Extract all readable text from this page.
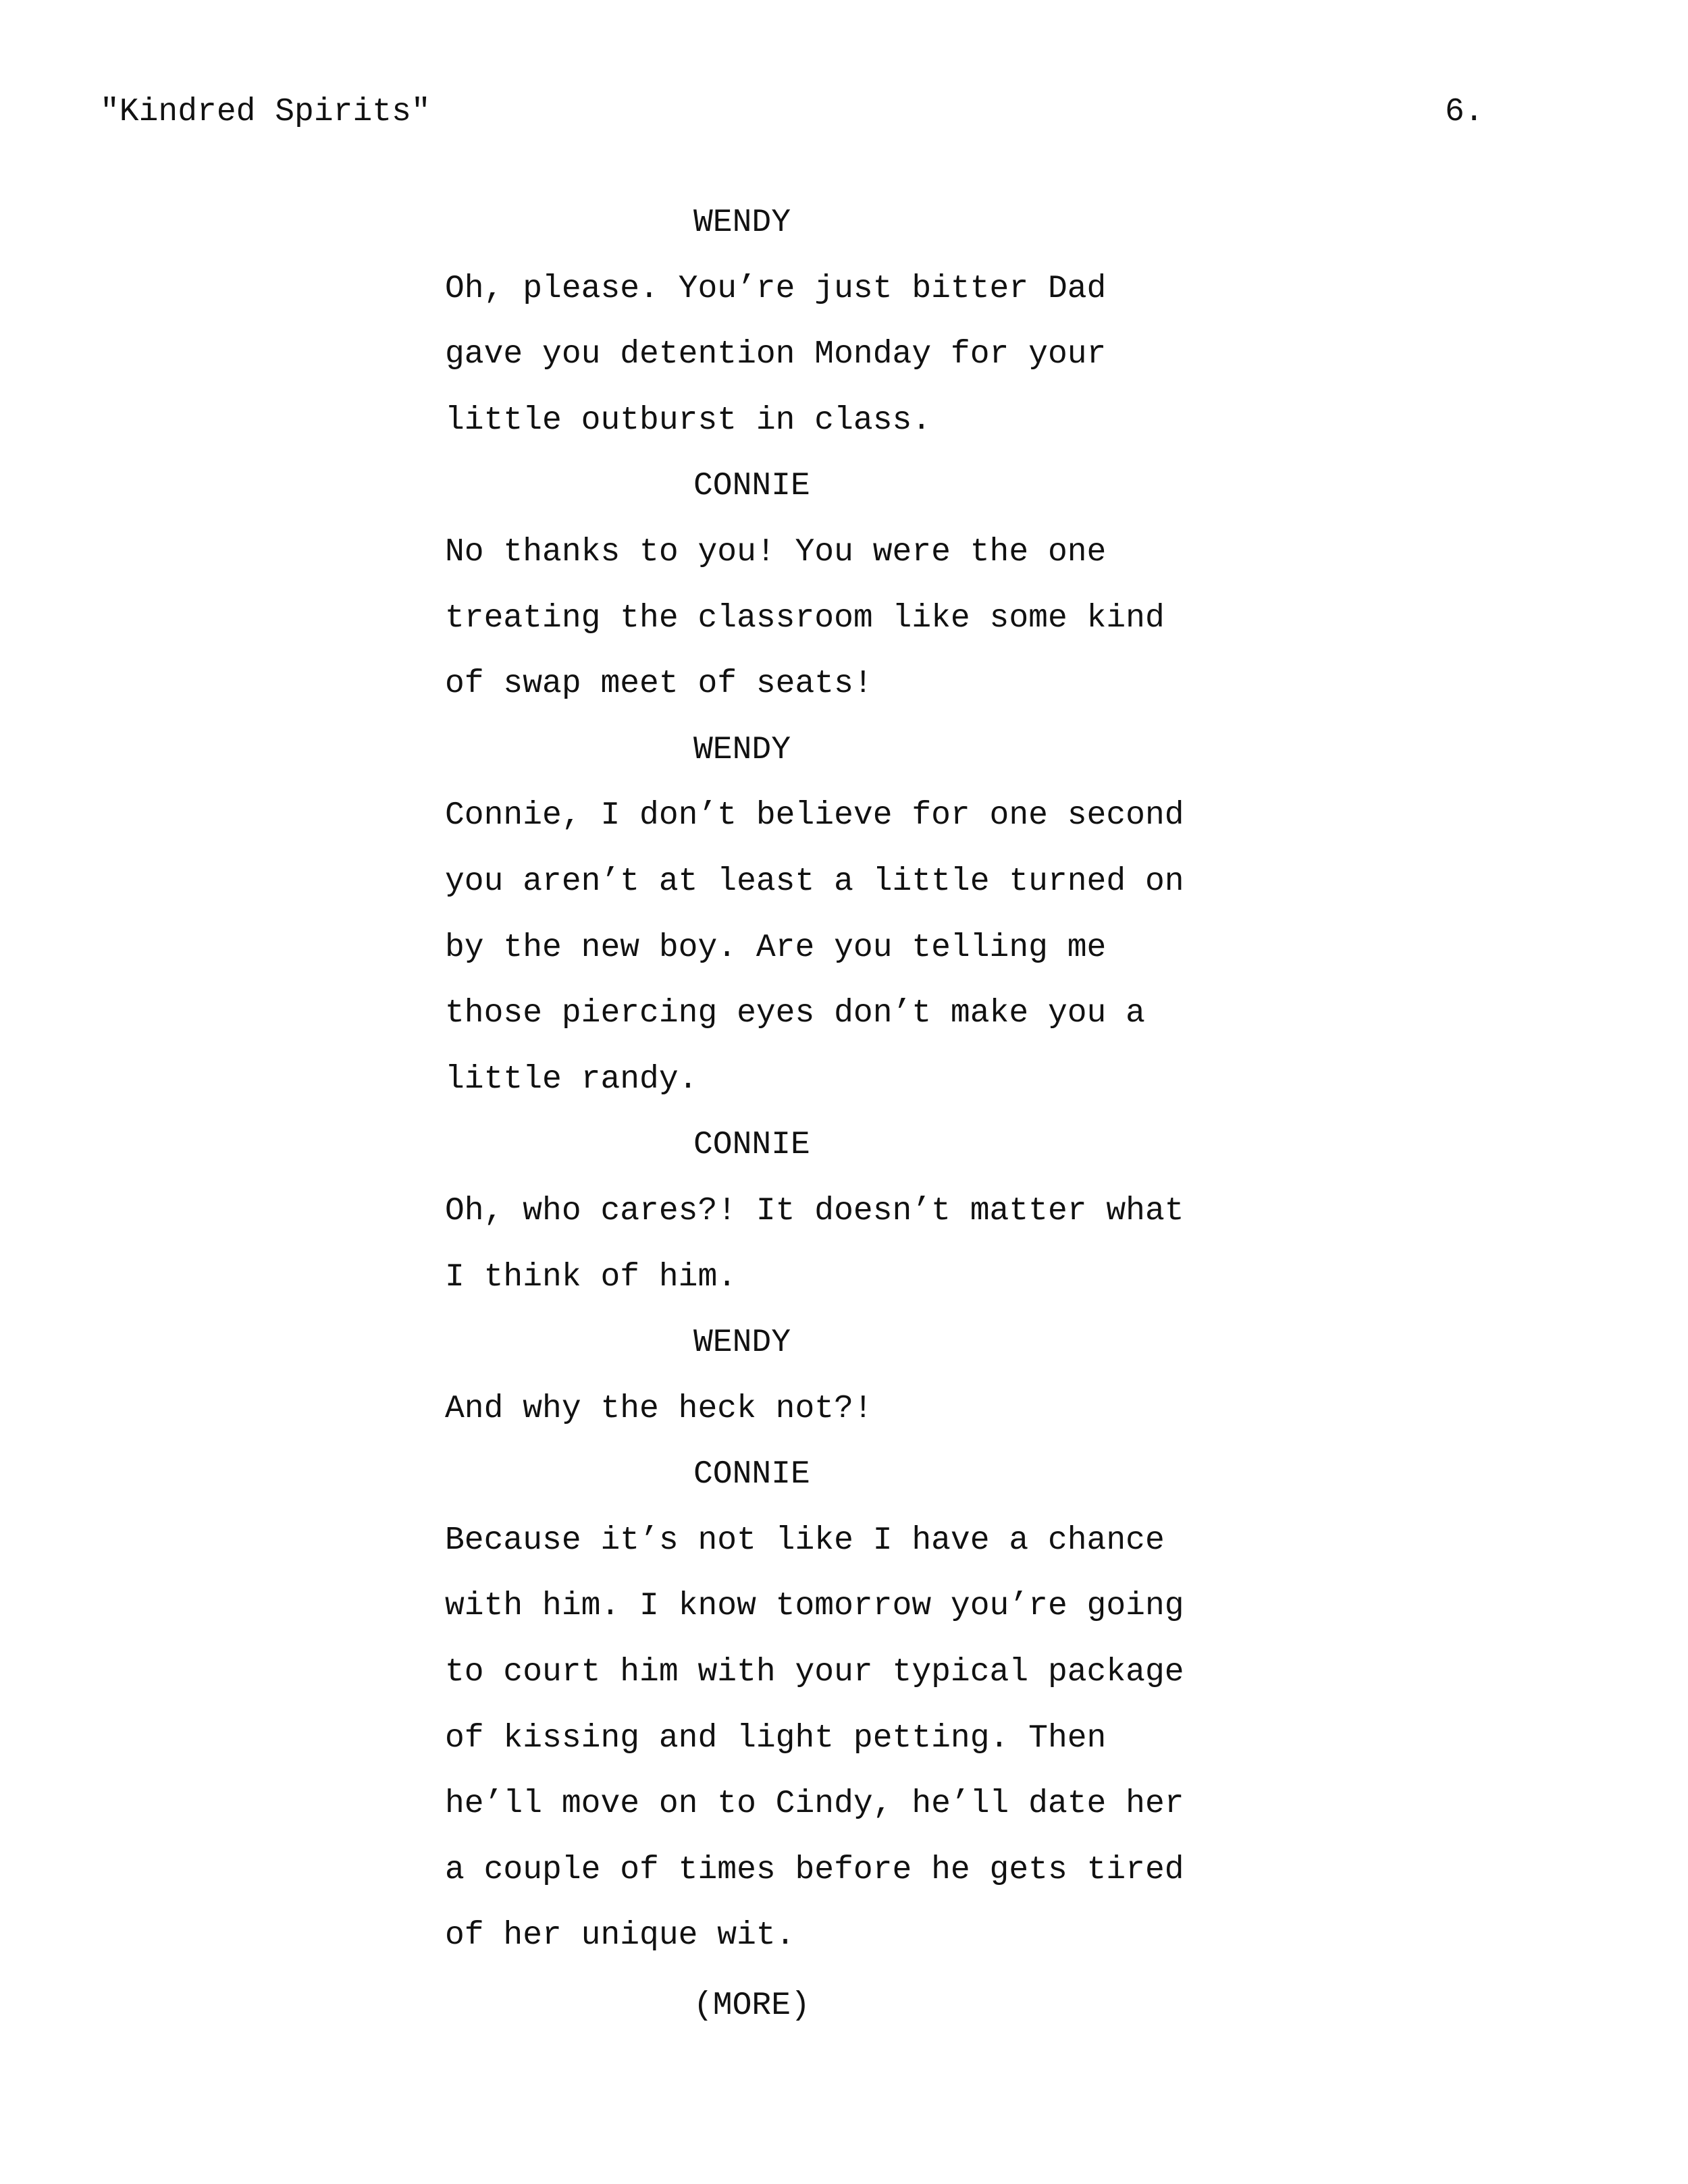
"Kindred Spirits"	6.
WENDY
Oh, please. You’re just bitter Dad
gave you detention Monday for your
little outburst in class.
CONNIE
No thanks to you! You were the one
treating the classroom like some kind
of swap meet of seats!
WENDY
Connie, I don’t believe for one second
you aren’t at least a little turned on
by the new boy. Are you telling me
those piercing eyes don’t make you a
little randy.
CONNIE
Oh, who cares?! It doesn’t matter what
I think of him.
WENDY
And why the heck not?!
CONNIE
Because it’s not like I have a chance
with him. I know tomorrow you’re going
to court him with your typical package
of kissing and light petting. Then
he’ll move on to Cindy, he’ll date her
a couple of times before he gets tired
of her unique wit.
(MORE)
